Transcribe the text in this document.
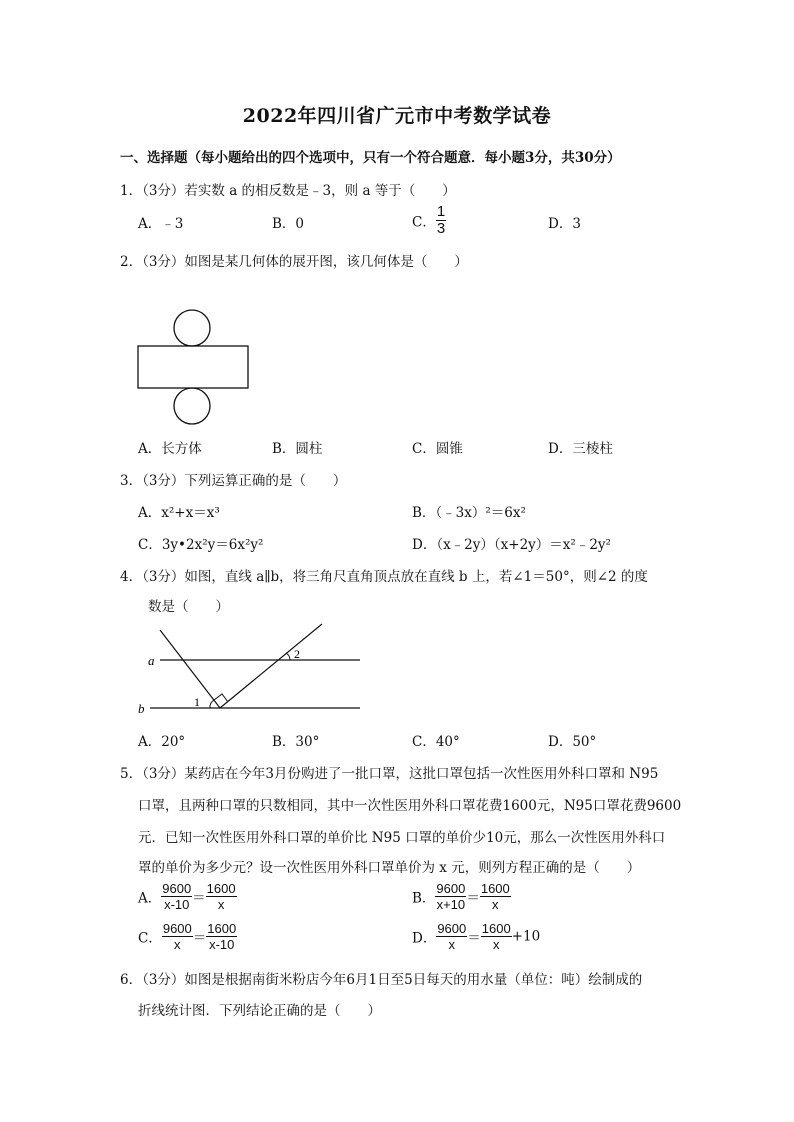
2022年四川省广元市中考数学试卷
一、选择题（每小题给出的四个选项中，只有一个符合题意．每小题3分，共30分）
1．（3分）若实数 a 的相反数是﹣3，则 a 等于（　　）
A．﹣3	B．0	C． $\frac{1}{3}$	D．3
2．（3分）如图是某几何体的展开图，该几何体是（　　）
A．长方体	B．圆柱	C．圆锥	D．三棱柱
3．（3分）下列运算正确的是（　　）
A．x²+x＝x³	B．（﹣3x）²＝6x²
C．3y•2x²y＝6x²y²	D．（x﹣2y）（x+2y）＝x²﹣2y²
4．（3分）如图，直线 a∥b，将三角尺直角顶点放在直线 b 上，若∠1＝50°，则∠2 的度
数是（　　）
a
b	1
2
A．20°	B．30°	C．40°	D．50°
5．（3分）某药店在今年3月份购进了一批口罩，这批口罩包括一次性医用外科口罩和 N95
口罩，且两种口罩的只数相同，其中一次性医用外科口罩花费1600元，N95口罩花费9600
元．已知一次性医用外科口罩的单价比 N95 口罩的单价少10元，那么一次性医用外科口
罩的单价为多少元？设一次性医用外科口罩单价为 x 元，则列方程正确的是（　　）
A． $\frac{9600}{x-10} = \frac{1600}{x}$	B． $\frac{9600}{x+10} = \frac{1600}{x}$
C． $\frac{9600}{x} = \frac{1600}{x-10}$	D． $\frac{9600}{x} = \frac{1600}{x} +10$
6．（3分）如图是根据南街米粉店今年6月1日至5日每天的用水量（单位：吨）绘制成的
折线统计图．下列结论正确的是（　　）
